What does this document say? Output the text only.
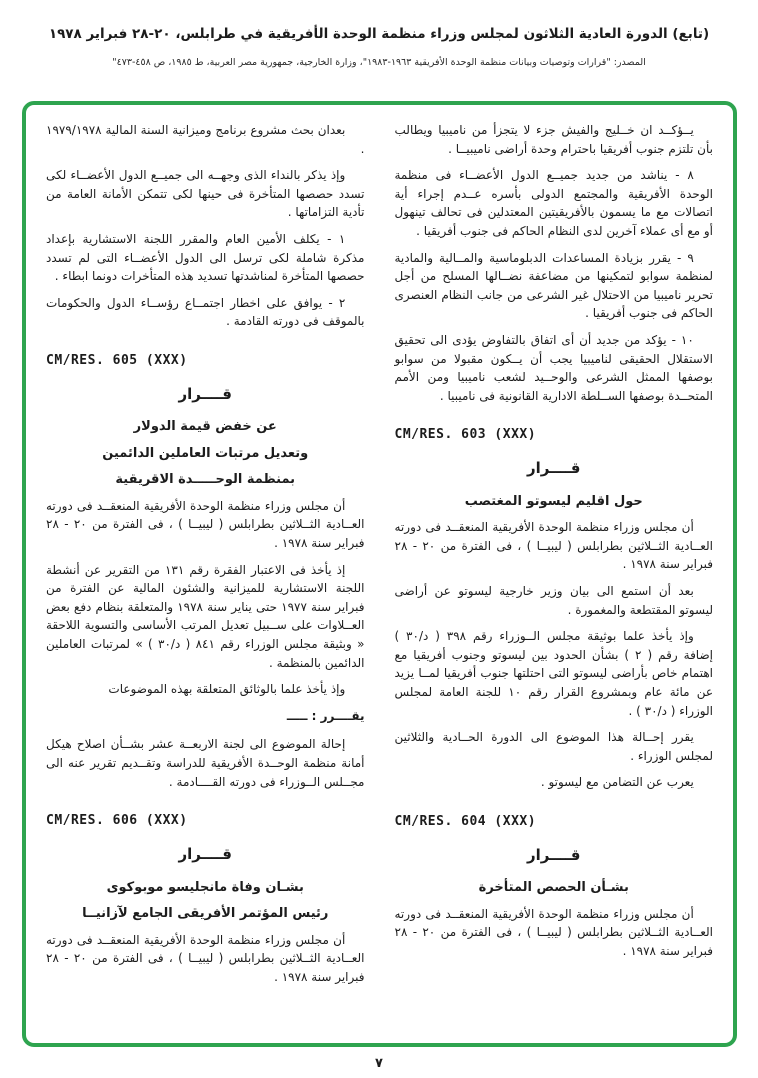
(تابع) الدورة العادية الثلاثون لمجلس وزراء منظمة الوحدة الأفريقية في طرابلس، ٢٠-٢٨ فبراير ١٩٧٨
المصدر: "قرارات وتوصيات وبيانات منظمة الوحدة الأفريقية ١٩٦٣-١٩٨٣"، وزارة الخارجية، جمهورية مصر العربية، ط ١٩٨٥، ص ٤٥٨-٤٧٣"
يــؤكــد ان خــليج والفيش جزء لا يتجزأ من ناميبيا ويطالب بأن تلتزم جنوب أفريقيا باحترام وحدة أراضى ناميبيــا .
٨ - يناشد من جديد جميــع الدول الأعضــاء فى منظمة الوحدة الأفريقية والمجتمع الدولى بأسره عــدم إجراء أية اتصالات مع ما يسمون بالأفريقيتين المعتدلين فى تحالف تينهول أو مع أى عملاء آخرين لدى النظام الحاكم فى جنوب أفريقيا .
٩ - يقرر بزيادة المساعدات الدبلوماسية والمــالية والمادية لمنظمة سوابو لتمكينها من مضاعفة نضــالها المسلح من أجل تحرير ناميبيا من الاحتلال غير الشرعى من جانب النظام العنصرى الحاكم فى جنوب أفريقيا .
١٠ - يؤكد من جديد أن أى اتفاق بالتفاوض يؤدى الى تحقيق الاستقلال الحقيقى لناميبيا يجب أن يــكون مقبولا من سوابو بوصفها الممثل الشرعى والوحــيد لشعب ناميبيا ومن الأمم المتحــدة بوصفها الســلطة الادارية القانونية فى ناميبيا .
CM/RES. 603 (XXX)
قــــرار
حول اقليم ليسوتو المغتصب
أن مجلس وزراء منظمة الوحدة الأفريقية المنعقــد فى دورته العــادية الثــلاثين بطرابلس ( ليبيــا ) ، فى الفترة من ٢٠ - ٢٨ فبراير سنة ١٩٧٨ .
بعد أن استمع الى بيان وزير خارجية ليسوتو عن أراضى ليسوتو المقتطعة والمغمورة .
وإذ يأخذ علما بوثيقة مجلس الــوزراء رقم ٣٩٨ ( د/٣٠ ) إضافة رقم ( ٢ ) بشأن الحدود بين ليسوتو وجنوب أفريقيا مع اهتمام خاص بأراضى ليسوتو التى احتلتها جنوب أفريقيا لمــا يزيد عن مائة عام وبمشروع القرار رقم ١٠ للجنة العامة لمجلس الوزراء ( د/٣٠ ) .
يقرر إحــالة هذا الموضوع الى الدورة الحــادية والثلاثين لمجلس الوزراء .
يعرب عن التضامن مع ليسوتو .
CM/RES. 604 (XXX)
قــــرار
بشـأن الحصص المتأخرة
أن مجلس وزراء منظمة الوحدة الأفريقية المنعقــد فى دورته العــادية الثــلاثين بطرابلس ( ليبيــا ) ، فى الفترة من ٢٠ - ٢٨ فبراير سنة ١٩٧٨ .
بعدان بحث مشروع برنامج وميزانية السنة المالية ١٩٧٩/١٩٧٨ .
وإذ يذكر بالنداء الذى وجهــه الى جميــع الدول الأعضــاء لكى تسدد حصصها المتأخرة فى حينها لكى تتمكن الأمانة العامة من تأدية التزاماتها .
١ - يكلف الأمين العام والمقرر اللجنة الاستشارية بإعداد مذكرة شاملة لكى ترسل الى الدول الأعضــاء التى لم تسدد حصصها المتأخرة لمناشدتها تسديد هذه المتأخرات دونما ابطاء .
٢ - يوافق على اخطار اجتمــاع رؤســاء الدول والحكومات بالموقف فى دورته القادمة .
CM/RES. 605 (XXX)
قــــرار
عن خفض قيمة الدولار
وتعديل مرتبات العاملين الدائمين
بمنظمة الوحـــــدة الاقريقية
أن مجلس وزراء منظمة الوحدة الأفريقية المنعقــد فى دورته العــادية الثــلاثين بطرابلس ( ليبيــا ) ، فى الفترة من ٢٠ - ٢٨ فبراير سنة ١٩٧٨ .
إذ يأخذ فى الاعتبار الفقرة رقم ١٣١ من التقرير عن أنشطة اللجنة الاستشارية للميزانية والشئون المالية عن الفترة من فبراير سنة ١٩٧٧ حتى يناير سنة ١٩٧٨ والمتعلقة بنظام دفع بعض العــلاوات على ســبيل تعديل المرتب الأساسى والتسوية اللاحقة « وبثيقة مجلس الوزراء رقم ٨٤١ ( د/٣٠ ) » لمرتبات العاملين الدائمين بالمنظمة .
وإذ يأخذ علما بالوثائق المتعلقة بهذه الموضوعات
يقــــرر : ـــــ
إحالة الموضوع الى لجنة الاربعــة عشر بشــأن اصلاح هيكل أمانة منظمة الوحــدة الأفريقية للدراسة وتقــديم تقرير عنه الى مجــلس الــوزراء فى دورته القــــادمة .
CM/RES. 606 (XXX)
قــــرار
بشـان وفاة مانجليسو موبوكوى
رئيس المؤتمر الأفريقى الجامع لآزانيــا
أن مجلس وزراء منظمة الوحدة الأفريقية المنعقــد فى دورته العــادية الثــلاثين بطرابلس ( ليبيــا ) ، فى الفترة من ٢٠ - ٢٨ فبراير سنة ١٩٧٨ .
٧
